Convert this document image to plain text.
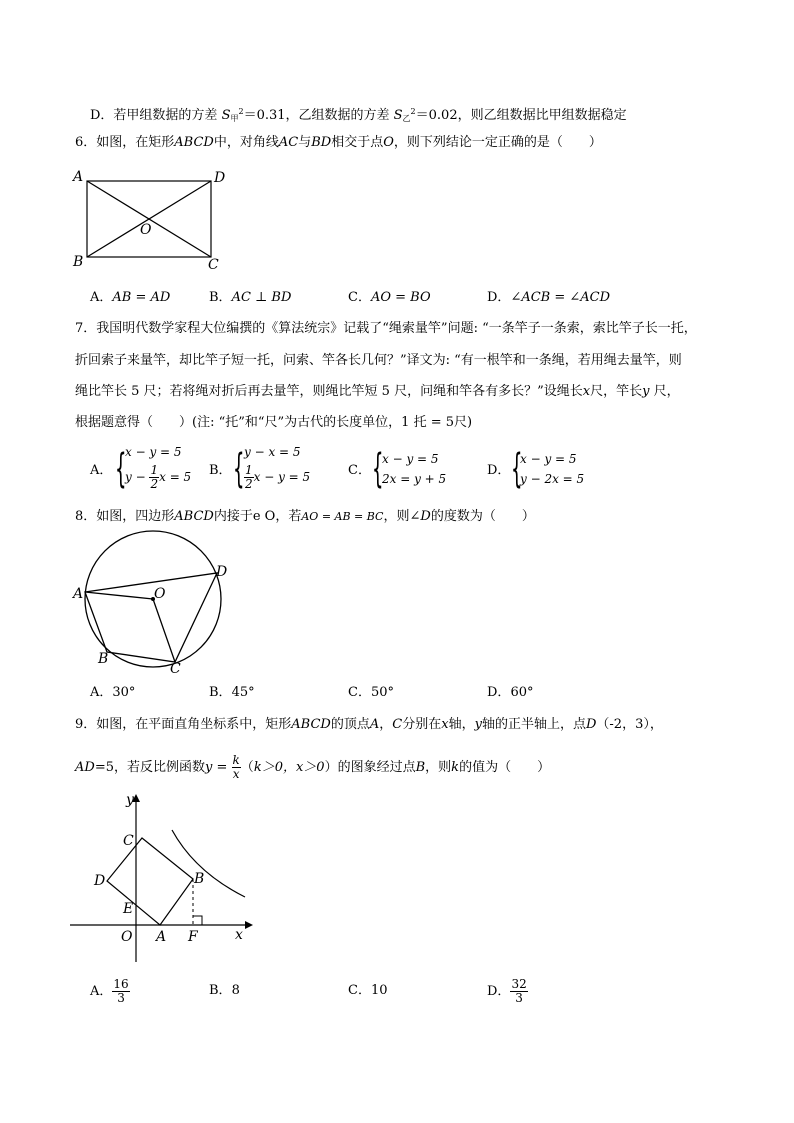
D．若甲组数据的方差 $S_甲^2=0.31$，乙组数据的方差 $S_乙^2=0.02$，则乙组数据比甲组数据稳定
6．如图，在矩形ABCD中，对角线AC与BD相交于点O，则下列结论一定正确的是（　　）
A	D
O
B	C
A．AB = AD	B．AC ⊥ BD	C．AO = BO	D．∠ACB = ∠ACD
7．我国明代数学家程大位编撰的《算法统宗》记载了“绳索量竿”问题: “一条竿子一条索，索比竿子长一托，
折回索子来量竿，却比竿子短一托，问索、竿各长几何？”译文为: “有一根竿和一条绳，若用绳去量竿，则
绳比竿长 5 尺；若将绳对折后再去量竿，则绳比竿短 5 尺，问绳和竿各有多长？”设绳长x尺，竿长y 尺，
根据题意得（　　）(注: “托”和“尺”为古代的长度单位，1 托 = 5尺)
A． {
x − y = 5
$y - \frac{1}{2}$ x = 5 B． { y − x = 5
$\frac{1}{2}$ x − y = 5	C． {
x − y = 5
2x = y + 5
D． {
x − y = 5
y − 2x = 5
8．如图，四边形ABCD内接于e O，若AO = AB = BC，则∠D的度数为（　　）
A
D
O
B
C
A．30°	B．45°	C．50°	D．60°
9．如图，在平面直角坐标系中，矩形ABCD的顶点A，C分别在x轴，y轴的正半轴上，点D（-2，3），
AD=5，若反比例函数$y = \frac{k}{x} (k>0$，x＞0）的图象经过点B，则k的值为（　　）
y
C
D	B
E
O A F	x
A． $\frac{16}{3}$	B．8	C．10	D． $\frac{32}{3}$
